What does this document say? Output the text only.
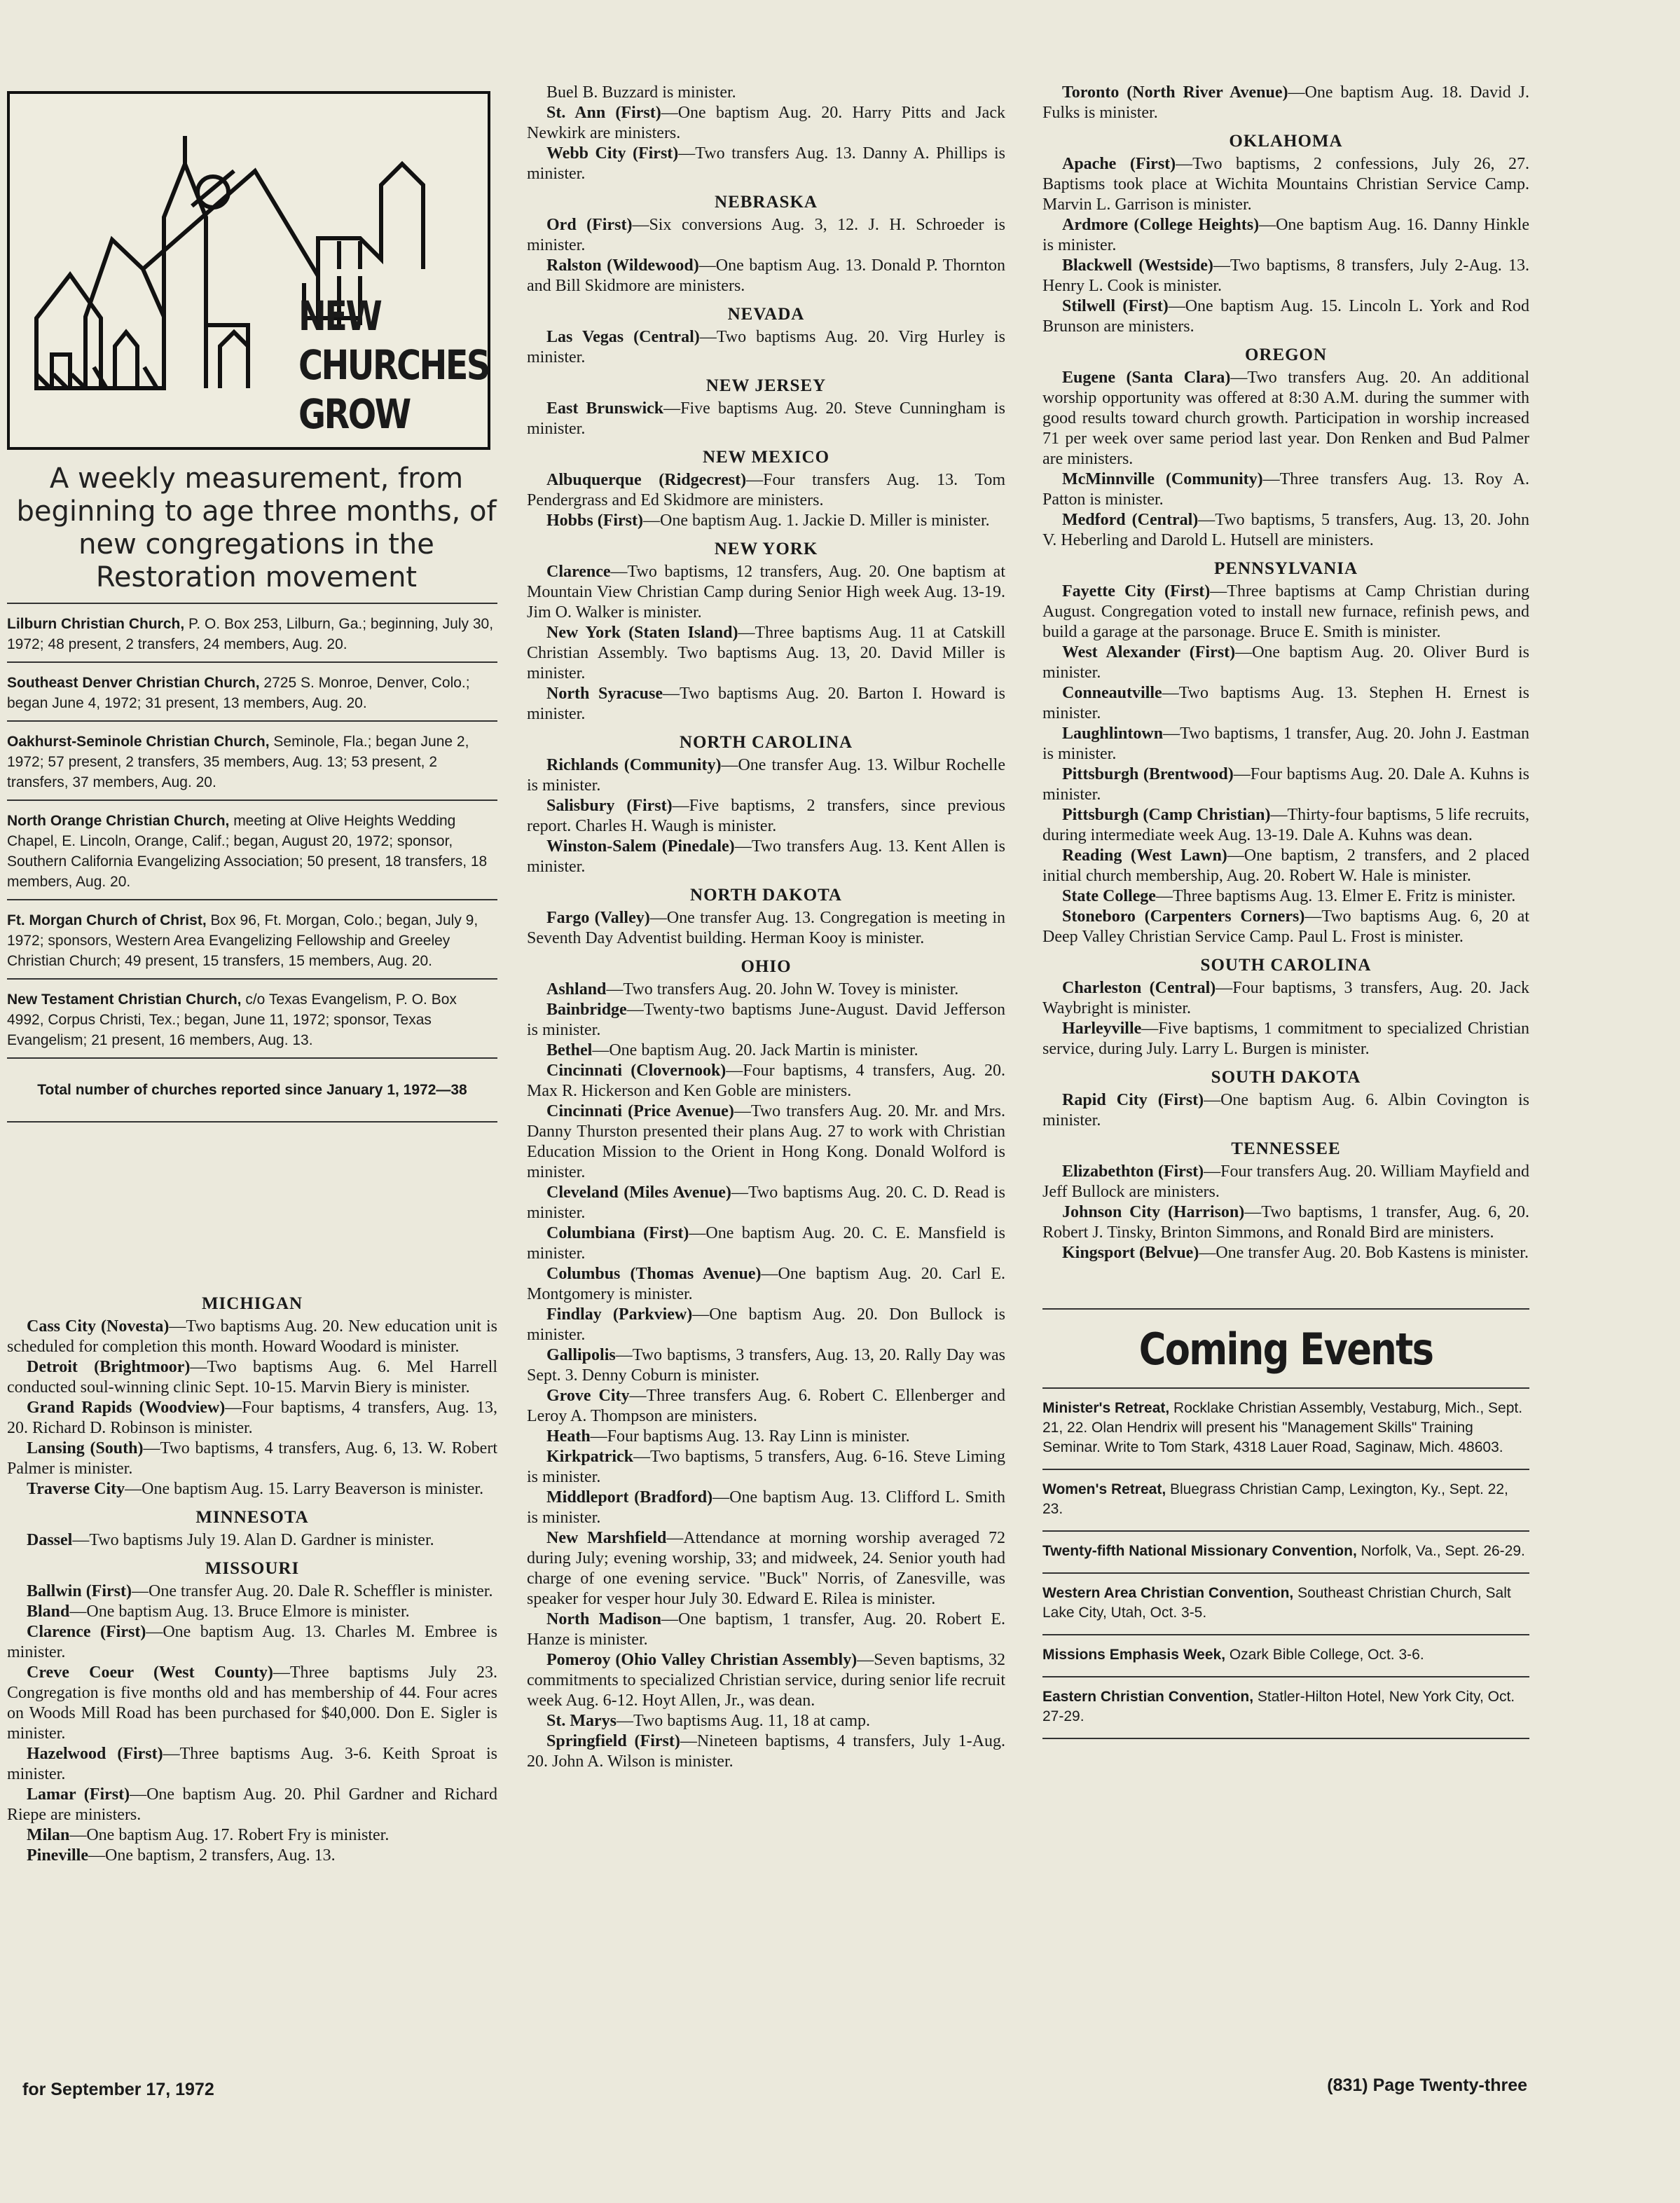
NEW
CHURCHES
GROW
A weekly measurement, from beginning to age three months, of new congregations in the Restoration movement
Lilburn Christian Church, P. O. Box 253, Lilburn, Ga.; beginning, July 30, 1972; 48 present, 2 transfers, 24 members, Aug. 20.
Southeast Denver Christian Church, 2725 S. Monroe, Denver, Colo.; began June 4, 1972; 31 present, 13 members, Aug. 20.
Oakhurst-Seminole Christian Church, Seminole, Fla.; began June 2, 1972; 57 present, 2 transfers, 35 members, Aug. 13; 53 present, 2 transfers, 37 members, Aug. 20.
North Orange Christian Church, meeting at Olive Heights Wedding Chapel, E. Lincoln, Orange, Calif.; began, August 20, 1972; sponsor, Southern California Evangelizing Association; 50 present, 18 transfers, 18 members, Aug. 20.
Ft. Morgan Church of Christ, Box 96, Ft. Morgan, Colo.; began, July 9, 1972; sponsors, Western Area Evangelizing Fellowship and Greeley Christian Church; 49 present, 15 transfers, 15 members, Aug. 20.
New Testament Christian Church, c/o Texas Evangelism, P. O. Box 4992, Corpus Christi, Tex.; began, June 11, 1972; sponsor, Texas Evangelism; 21 present, 16 members, Aug. 13.
Total number of churches reported since January 1, 1972—38
MICHIGAN

Cass City (Novesta)—Two baptisms Aug. 20. New education unit is scheduled for completion this month. Howard Woodard is minister.

Detroit (Brightmoor)—Two baptisms Aug. 6. Mel Harrell conducted soul-winning clinic Sept. 10-15. Marvin Biery is minister.

Grand Rapids (Woodview)—Four baptisms, 4 transfers, Aug. 13, 20. Richard D. Robinson is minister.

Lansing (South)—Two baptisms, 4 transfers, Aug. 6, 13. W. Robert Palmer is minister.

Traverse City—One baptism Aug. 15. Larry Beaverson is minister.

MINNESOTA

Dassel—Two baptisms July 19. Alan D. Gardner is minister.

MISSOURI

Ballwin (First)—One transfer Aug. 20. Dale R. Scheffler is minister.

Bland—One baptism Aug. 13. Bruce Elmore is minister.

Clarence (First)—One baptism Aug. 13. Charles M. Embree is minister.

Creve Coeur (West County)—Three baptisms July 23. Congregation is five months old and has membership of 44. Four acres on Woods Mill Road has been purchased for $40,000. Don E. Sigler is minister.

Hazelwood (First)—Three baptisms Aug. 3-6. Keith Sproat is minister.

Lamar (First)—One baptism Aug. 20. Phil Gardner and Richard Riepe are ministers.

Milan—One baptism Aug. 17. Robert Fry is minister.

Pineville—One baptism, 2 transfers, Aug. 13.

Buel B. Buzzard is minister.

St. Ann (First)—One baptism Aug. 20. Harry Pitts and Jack Newkirk are ministers.

Webb City (First)—Two transfers Aug. 13. Danny A. Phillips is minister.

NEBRASKA

Ord (First)—Six conversions Aug. 3, 12. J. H. Schroeder is minister.

Ralston (Wildewood)—One baptism Aug. 13. Donald P. Thornton and Bill Skidmore are ministers.

NEVADA

Las Vegas (Central)—Two baptisms Aug. 20. Virg Hurley is minister.

NEW JERSEY

East Brunswick—Five baptisms Aug. 20. Steve Cunningham is minister.

NEW MEXICO

Albuquerque (Ridgecrest)—Four transfers Aug. 13. Tom Pendergrass and Ed Skidmore are ministers.

Hobbs (First)—One baptism Aug. 1. Jackie D. Miller is minister.

NEW YORK

Clarence—Two baptisms, 12 transfers, Aug. 20. One baptism at Mountain View Christian Camp during Senior High week Aug. 13-19. Jim O. Walker is minister.

New York (Staten Island)—Three baptisms Aug. 11 at Catskill Christian Assembly. Two baptisms Aug. 13, 20. David Miller is minister.

North Syracuse—Two baptisms Aug. 20. Barton I. Howard is minister.

NORTH CAROLINA

Richlands (Community)—One transfer Aug. 13. Wilbur Rochelle is minister.

Salisbury (First)—Five baptisms, 2 transfers, since previous report. Charles H. Waugh is minister.

Winston-Salem (Pinedale)—Two transfers Aug. 13. Kent Allen is minister.

NORTH DAKOTA

Fargo (Valley)—One transfer Aug. 13. Congregation is meeting in Seventh Day Adventist building. Herman Kooy is minister.

OHIO

Ashland—Two transfers Aug. 20. John W. Tovey is minister.

Bainbridge—Twenty-two baptisms June-August. David Jefferson is minister.

Bethel—One baptism Aug. 20. Jack Martin is minister.

Cincinnati (Clovernook)—Four baptisms, 4 transfers, Aug. 20. Max R. Hickerson and Ken Goble are ministers.

Cincinnati (Price Avenue)—Two transfers Aug. 20. Mr. and Mrs. Danny Thurston presented their plans Aug. 27 to work with Christian Education Mission to the Orient in Hong Kong. Donald Wolford is minister.

Cleveland (Miles Avenue)—Two baptisms Aug. 20. C. D. Read is minister.

Columbiana (First)—One baptism Aug. 20. C. E. Mansfield is minister.

Columbus (Thomas Avenue)—One baptism Aug. 20. Carl E. Montgomery is minister.

Findlay (Parkview)—One baptism Aug. 20. Don Bullock is minister.

Gallipolis—Two baptisms, 3 transfers, Aug. 13, 20. Rally Day was Sept. 3. Denny Coburn is minister.

Grove City—Three transfers Aug. 6. Robert C. Ellenberger and Leroy A. Thompson are ministers.

Heath—Four baptisms Aug. 13. Ray Linn is minister.

Kirkpatrick—Two baptisms, 5 transfers, Aug. 6-16. Steve Liming is minister.

Middleport (Bradford)—One baptism Aug. 13. Clifford L. Smith is minister.

New Marshfield—Attendance at morning worship averaged 72 during July; evening worship, 33; and midweek, 24. Senior youth had charge of one evening service. "Buck" Norris, of Zanesville, was speaker for vesper hour July 30. Edward E. Rilea is minister.

North Madison—One baptism, 1 transfer, Aug. 20. Robert E. Hanze is minister.

Pomeroy (Ohio Valley Christian Assembly)—Seven baptisms, 32 commitments to specialized Christian service, during senior life recruit week Aug. 6-12. Hoyt Allen, Jr., was dean.

St. Marys—Two baptisms Aug. 11, 18 at camp.

Springfield (First)—Nineteen baptisms, 4 transfers, July 1-Aug. 20. John A. Wilson is minister.

Toronto (North River Avenue)—One baptism Aug. 18. David J. Fulks is minister.

OKLAHOMA

Apache (First)—Two baptisms, 2 confessions, July 26, 27. Baptisms took place at Wichita Mountains Christian Service Camp. Marvin L. Garrison is minister.

Ardmore (College Heights)—One baptism Aug. 16. Danny Hinkle is minister.

Blackwell (Westside)—Two baptisms, 8 transfers, July 2-Aug. 13. Henry L. Cook is minister.

Stilwell (First)—One baptism Aug. 15. Lincoln L. York and Rod Brunson are ministers.

OREGON

Eugene (Santa Clara)—Two transfers Aug. 20. An additional worship opportunity was offered at 8:30 A.M. during the summer with good results toward church growth. Participation in worship increased 71 per week over same period last year. Don Renken and Bud Palmer are ministers.

McMinnville (Community)—Three transfers Aug. 13. Roy A. Patton is minister.

Medford (Central)—Two baptisms, 5 transfers, Aug. 13, 20. John V. Heberling and Darold L. Hutsell are ministers.

PENNSYLVANIA

Fayette City (First)—Three baptisms at Camp Christian during August. Congregation voted to install new furnace, refinish pews, and build a garage at the parsonage. Bruce E. Smith is minister.

West Alexander (First)—One baptism Aug. 20. Oliver Burd is minister.

Conneautville—Two baptisms Aug. 13. Stephen H. Ernest is minister.

Laughlintown—Two baptisms, 1 transfer, Aug. 20. John J. Eastman is minister.

Pittsburgh (Brentwood)—Four baptisms Aug. 20. Dale A. Kuhns is minister.

Pittsburgh (Camp Christian)—Thirty-four baptisms, 5 life recruits, during intermediate week Aug. 13-19. Dale A. Kuhns was dean.

Reading (West Lawn)—One baptism, 2 transfers, and 2 placed initial church membership, Aug. 20. Robert W. Hale is minister.

State College—Three baptisms Aug. 13. Elmer E. Fritz is minister.

Stoneboro (Carpenters Corners)—Two baptisms Aug. 6, 20 at Deep Valley Christian Service Camp. Paul L. Frost is minister.

SOUTH CAROLINA

Charleston (Central)—Four baptisms, 3 transfers, Aug. 20. Jack Waybright is minister.

Harleyville—Five baptisms, 1 commitment to specialized Christian service, during July. Larry L. Burgen is minister.

SOUTH DAKOTA

Rapid City (First)—One baptism Aug. 6. Albin Covington is minister.

TENNESSEE

Elizabethton (First)—Four transfers Aug. 20. William Mayfield and Jeff Bullock are ministers.

Johnson City (Harrison)—Two baptisms, 1 transfer, Aug. 6, 20. Robert J. Tinsky, Brinton Simmons, and Ronald Bird are ministers.

Kingsport (Belvue)—One transfer Aug. 20. Bob Kastens is minister.

Coming Events
Minister's Retreat, Rocklake Christian Assembly, Vestaburg, Mich., Sept. 21, 22. Olan Hendrix will present his "Management Skills" Training Seminar. Write to Tom Stark, 4318 Lauer Road, Saginaw, Mich. 48603.
Women's Retreat, Bluegrass Christian Camp, Lexington, Ky., Sept. 22, 23.
Twenty-fifth National Missionary Convention, Norfolk, Va., Sept. 26-29.
Western Area Christian Convention, Southeast Christian Church, Salt Lake City, Utah, Oct. 3-5.
Missions Emphasis Week, Ozark Bible College, Oct. 3-6.
Eastern Christian Convention, Statler-Hilton Hotel, New York City, Oct. 27-29.
for September 17, 1972	(831) Page Twenty-three
